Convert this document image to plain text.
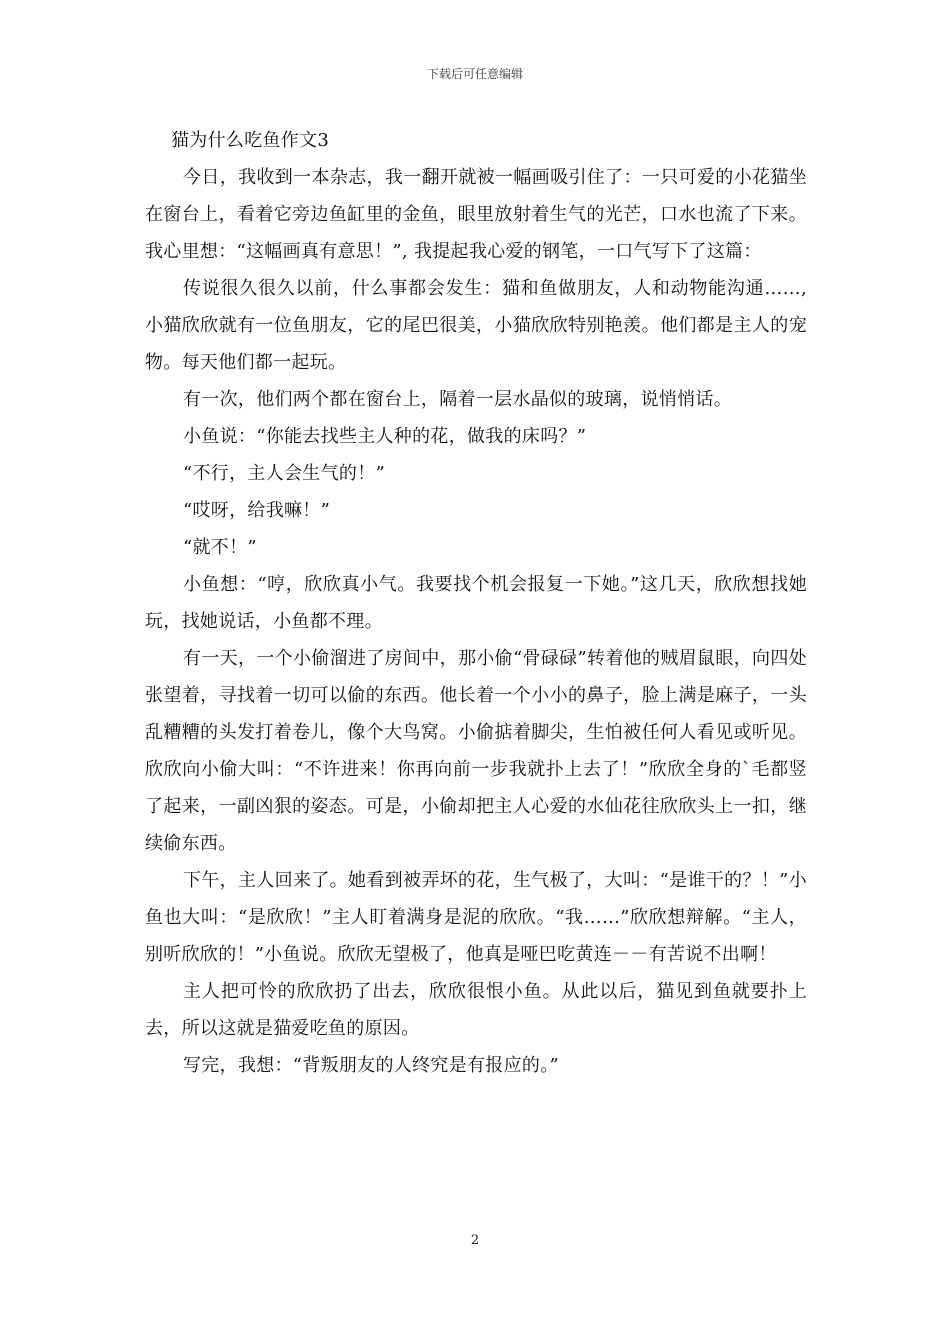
下载后可任意编辑

猫为什么吃鱼作文3

今日，我收到一本杂志，我一翻开就被一幅画吸引住了：一只可爱的小花猫坐在窗台上，看着它旁边鱼缸里的金鱼，眼里放射着生气的光芒，口水也流了下来。我心里想：“这幅画真有意思！”, 我提起我心爱的钢笔，一口气写下了这篇：

传说很久很久以前，什么事都会发生：猫和鱼做朋友，人和动物能沟通……, 小猫欣欣就有一位鱼朋友，它的尾巴很美，小猫欣欣特别艳羡。他们都是主人的宠物。每天他们都一起玩。

有一次，他们两个都在窗台上，隔着一层水晶似的玻璃，说悄悄话。

小鱼说：“你能去找些主人种的花，做我的床吗？”

“不行，主人会生气的！”

“哎呀，给我嘛！”

“就不！”

小鱼想：“哼，欣欣真小气。我要找个机会报复一下她。”这几天，欣欣想找她玩，找她说话，小鱼都不理。

有一天，一个小偷溜进了房间中，那小偷“骨碌碌”转着他的贼眉鼠眼，向四处张望着，寻找着一切可以偷的东西。他长着一个小小的鼻子，脸上满是麻子，一头乱糟糟的头发打着卷儿，像个大鸟窝。小偷掂着脚尖，生怕被任何人看见或听见。欣欣向小偷大叫：“不许进来！你再向前一步我就扑上去了！”欣欣全身的`毛都竖了起来，一副凶狠的姿态。可是，小偷却把主人心爱的水仙花往欣欣头上一扣，继续偷东西。

下午，主人回来了。她看到被弄坏的花，生气极了，大叫：“是谁干的？！”小鱼也大叫：“是欣欣！”主人盯着满身是泥的欣欣。“我……”欣欣想辩解。“主人，别听欣欣的！”小鱼说。欣欣无望极了，他真是哑巴吃黄连－－有苦说不出啊！

主人把可怜的欣欣扔了出去，欣欣很恨小鱼。从此以后，猫见到鱼就要扑上去，所以这就是猫爱吃鱼的原因。

写完，我想：“背叛朋友的人终究是有报应的。”

2
